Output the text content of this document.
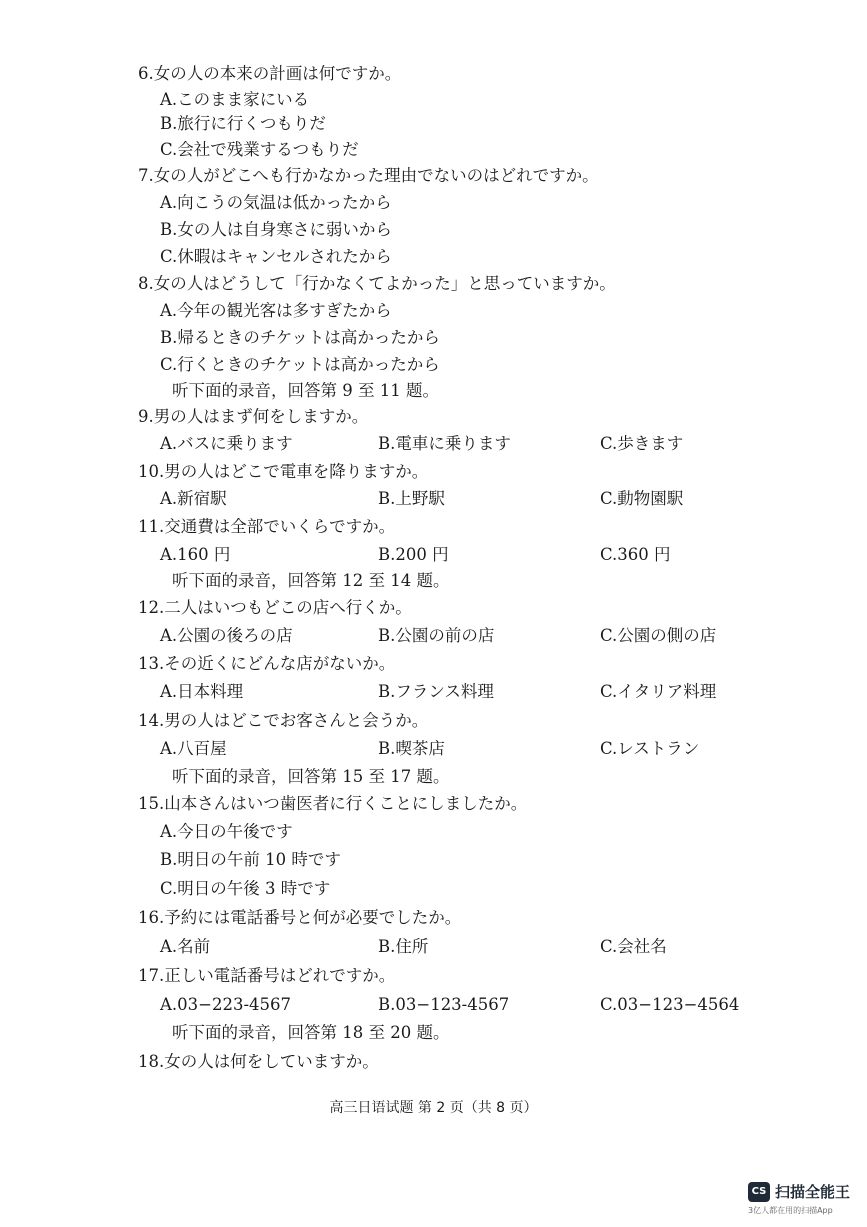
6.女の人の本来の計画は何ですか。
A.このまま家にいる
B.旅行に行くつもりだ
C.会社で残業するつもりだ
7.女の人がどこへも行かなかった理由でないのはどれですか。
A.向こうの気温は低かったから
B.女の人は自身寒さに弱いから
C.休暇はキャンセルされたから
8.女の人はどうして「行かなくてよかった」と思っていますか。
A.今年の観光客は多すぎたから
B.帰るときのチケットは高かったから
C.行くときのチケットは高かったから
听下面的录音，回答第 9 至 11 题。
9.男の人はまず何をしますか。
A.バスに乗ります	B.電車に乗ります	C.歩きます
10.男の人はどこで電車を降りますか。
A.新宿駅	B.上野駅	C.動物園駅
11.交通費は全部でいくらですか。
A.160 円	B.200 円	C.360 円
听下面的录音，回答第 12 至 14 题。
12.二人はいつもどこの店へ行くか。
A.公園の後ろの店	B.公園の前の店	C.公園の側の店
13.その近くにどんな店がないか。
A.日本料理	B.フランス料理	C.イタリア料理
14.男の人はどこでお客さんと会うか。
A.八百屋	B.喫茶店	C.レストラン
听下面的录音，回答第 15 至 17 题。
15.山本さんはいつ歯医者に行くことにしましたか。
A.今日の午後です
B.明日の午前 10 時です
C.明日の午後 3 時です
16.予約には電話番号と何が必要でしたか。
A.名前	B.住所	C.会社名
17.正しい電話番号はどれですか。
A.03−223-4567	B.03−123-4567	C.03−123−4564
听下面的录音，回答第 18 至 20 题。
18.女の人は何をしていますか。
高三日语试题 第 2 页（共 8 页）
CS 扫描全能王
3亿人都在用的扫描App
